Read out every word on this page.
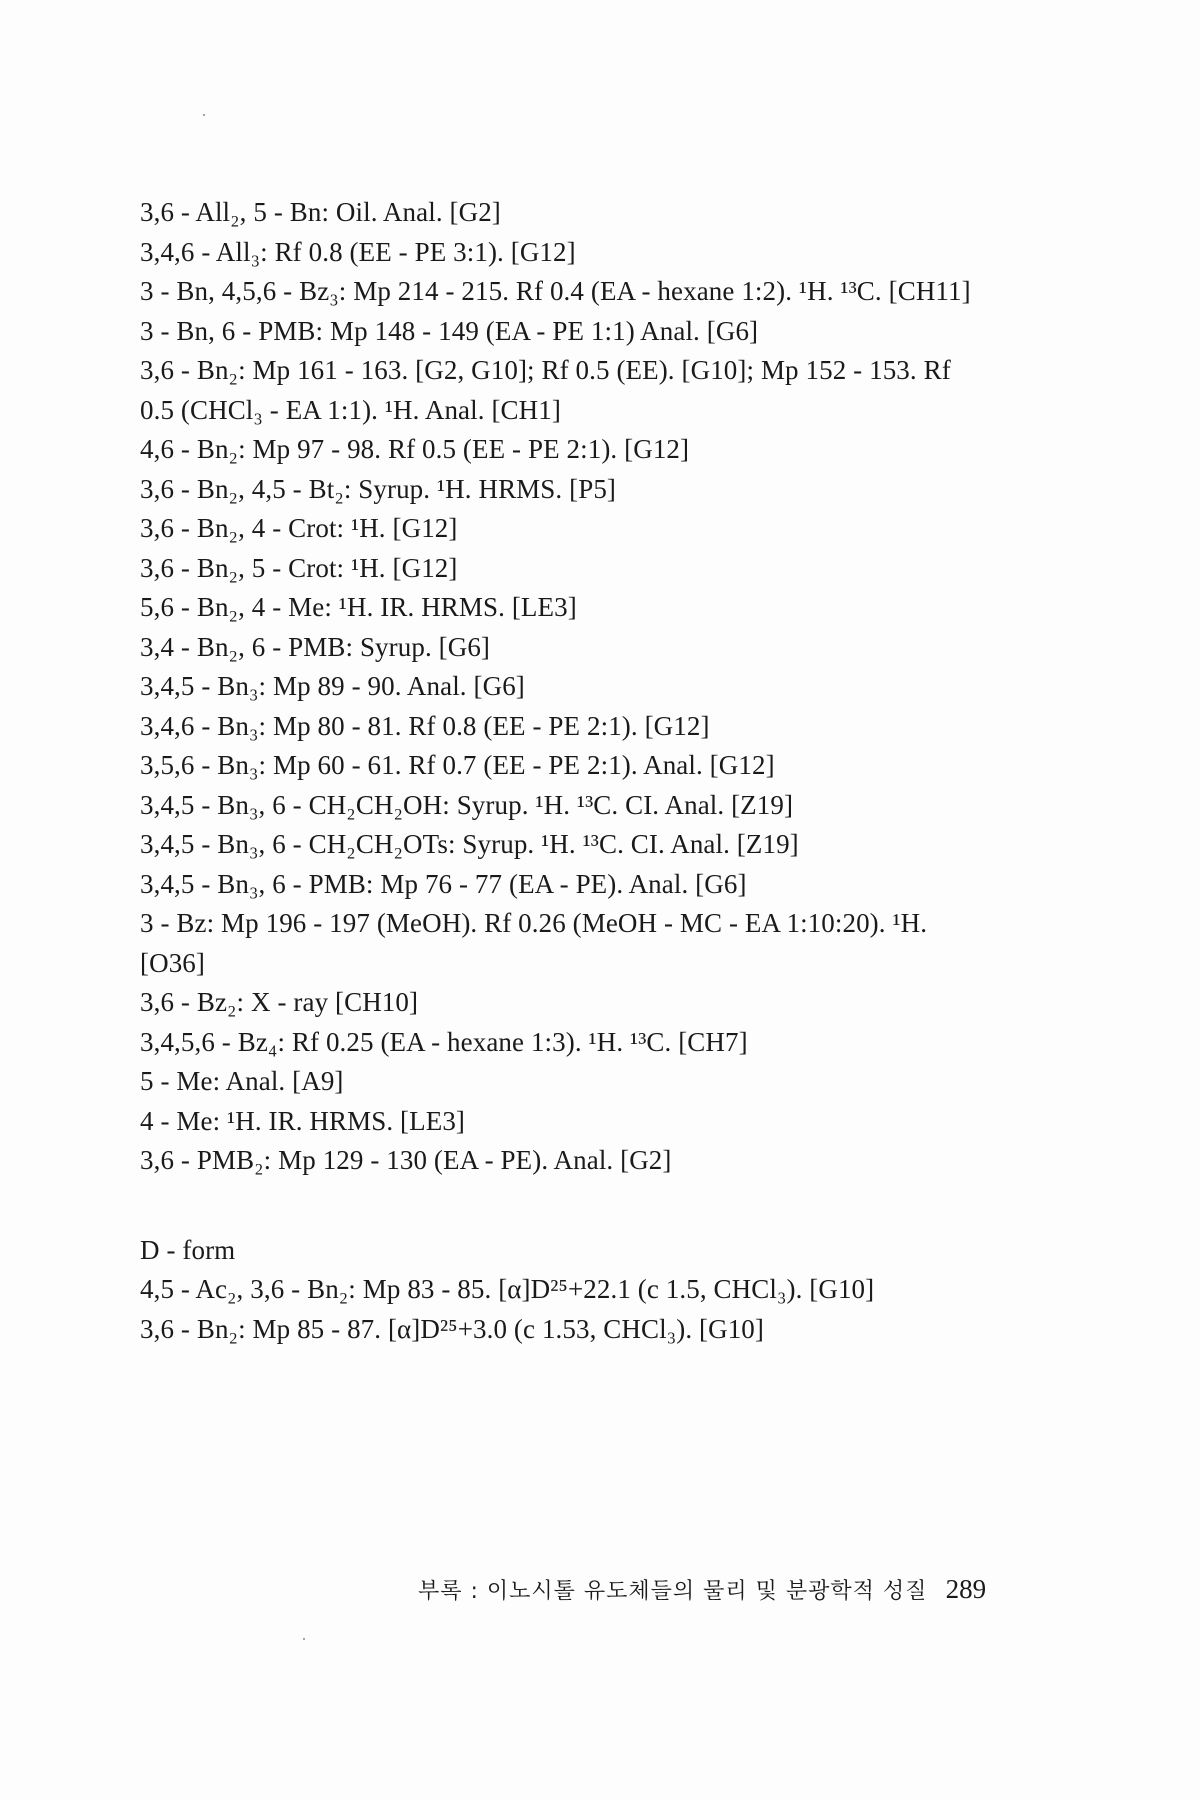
3,6 - All₂, 5 - Bn: Oil. Anal. [G2]
3,4,6 - All₃: Rf 0.8 (EE - PE 3:1). [G12]
3 - Bn, 4,5,6 - Bz₃: Mp 214 - 215. Rf 0.4 (EA - hexane 1:2). ¹H. ¹³C. [CH11]
3 - Bn, 6 - PMB: Mp 148 - 149 (EA - PE 1:1) Anal. [G6]
3,6 - Bn₂: Mp 161 - 163. [G2, G10]; Rf 0.5 (EE). [G10]; Mp 152 - 153. Rf
0.5 (CHCl₃ - EA 1:1). ¹H. Anal. [CH1]
4,6 - Bn₂: Mp 97 - 98. Rf 0.5 (EE - PE 2:1). [G12]
3,6 - Bn₂, 4,5 - Bt₂: Syrup. ¹H. HRMS. [P5]
3,6 - Bn₂, 4 - Crot: ¹H. [G12]
3,6 - Bn₂, 5 - Crot: ¹H. [G12]
5,6 - Bn₂, 4 - Me: ¹H. IR. HRMS. [LE3]
3,4 - Bn₂, 6 - PMB: Syrup. [G6]
3,4,5 - Bn₃: Mp 89 - 90. Anal. [G6]
3,4,6 - Bn₃: Mp 80 - 81. Rf 0.8 (EE - PE 2:1). [G12]
3,5,6 - Bn₃: Mp 60 - 61. Rf 0.7 (EE - PE 2:1). Anal. [G12]
3,4,5 - Bn₃, 6 - CH₂CH₂OH: Syrup. ¹H. ¹³C. CI. Anal. [Z19]
3,4,5 - Bn₃, 6 - CH₂CH₂OTs: Syrup. ¹H. ¹³C. CI. Anal. [Z19]
3,4,5 - Bn₃, 6 - PMB: Mp 76 - 77 (EA - PE). Anal. [G6]
3 - Bz: Mp 196 - 197 (MeOH). Rf 0.26 (MeOH - MC - EA 1:10:20). ¹H.
[O36]
3,6 - Bz₂: X - ray [CH10]
3,4,5,6 - Bz₄: Rf 0.25 (EA - hexane 1:3). ¹H. ¹³C. [CH7]
5 - Me: Anal. [A9]
4 - Me: ¹H. IR. HRMS. [LE3]
3,6 - PMB₂: Mp 129 - 130 (EA - PE). Anal. [G2]
D - form
4,5 - Ac₂, 3,6 - Bn₂: Mp 83 - 85. [α]D²⁵+22.1 (c 1.5, CHCl₃). [G10]
3,6 - Bn₂: Mp 85 - 87. [α]D²⁵+3.0 (c 1.53, CHCl₃). [G10]
부록 : 이노시톨 유도체들의 물리 및 분광학적 성질 289
